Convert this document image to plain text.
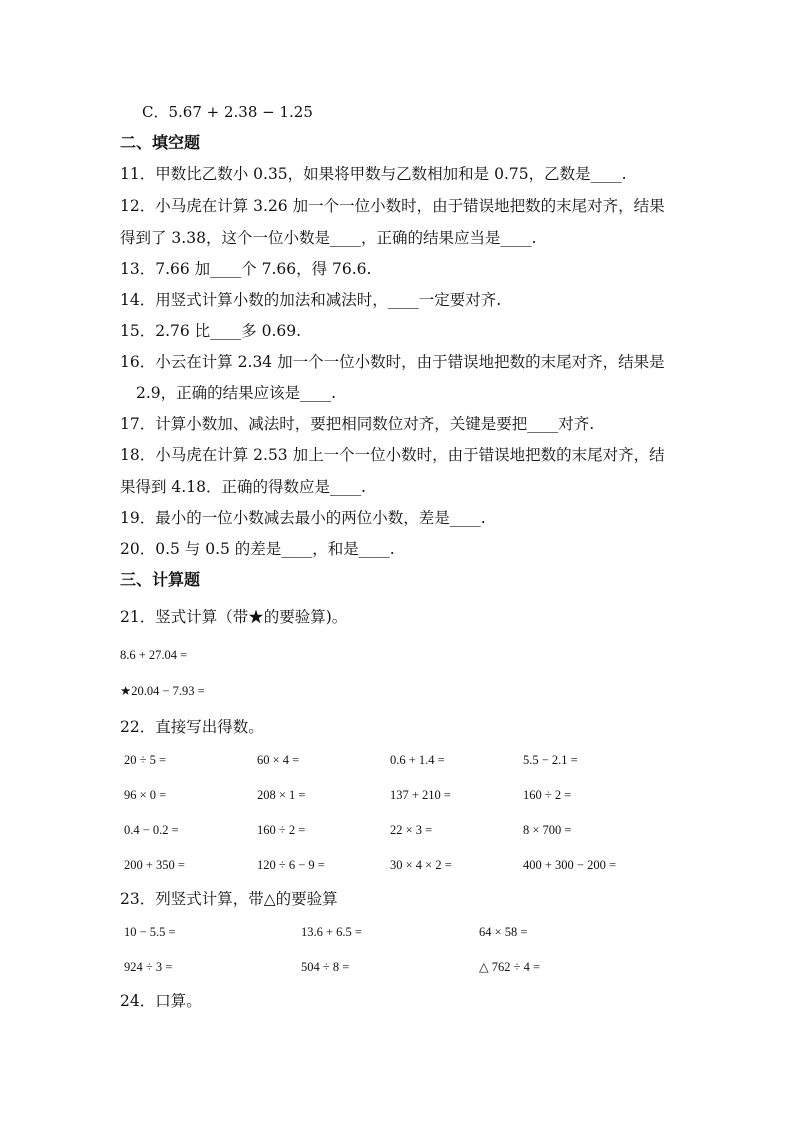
C．5.67 + 2.38 − 1.25
二、填空题
11．甲数比乙数小 0.35，如果将甲数与乙数相加和是 0.75，乙数是____.
12．小马虎在计算 3.26 加一个一位小数时，由于错误地把数的末尾对齐，结果
得到了 3.38，这个一位小数是____，正确的结果应当是____.
13．7.66 加____个 7.66，得 76.6.
14．用竖式计算小数的加法和减法时，____一定要对齐.
15．2.76 比____多 0.69.
16．小云在计算 2.34 加一个一位小数时，由于错误地把数的末尾对齐，结果是
2.9，正确的结果应该是____.
17．计算小数加、减法时，要把相同数位对齐，关键是要把____对齐.
18．小马虎在计算 2.53 加上一个一位小数时，由于错误地把数的末尾对齐，结
果得到 4.18．正确的得数应是____.
19．最小的一位小数减去最小的两位小数，差是____.
20．0.5 与 0.5 的差是____，和是____.
三、计算题
21．竖式计算（带★的要验算)。
8.6 + 27.04 =
★20.04 − 7.93 =
22．直接写出得数。
20 ÷ 5 =	60 × 4 =	0.6 + 1.4 =	5.5 − 2.1 =
96 × 0 =	208 × 1 =	137 + 210 =	160 ÷ 2 =
0.4 − 0.2 =	160 ÷ 2 =	22 × 3 =	8 × 700 =
200 + 350 =	120 ÷ 6 − 9 =	30 × 4 × 2 =	400 + 300 − 200 =
23．列竖式计算，带△的要验算
10 − 5.5 =	13.6 + 6.5 =	64 × 58 =
924 ÷ 3 =	504 ÷ 8 =	△ 762 ÷ 4 =
24．口算。
